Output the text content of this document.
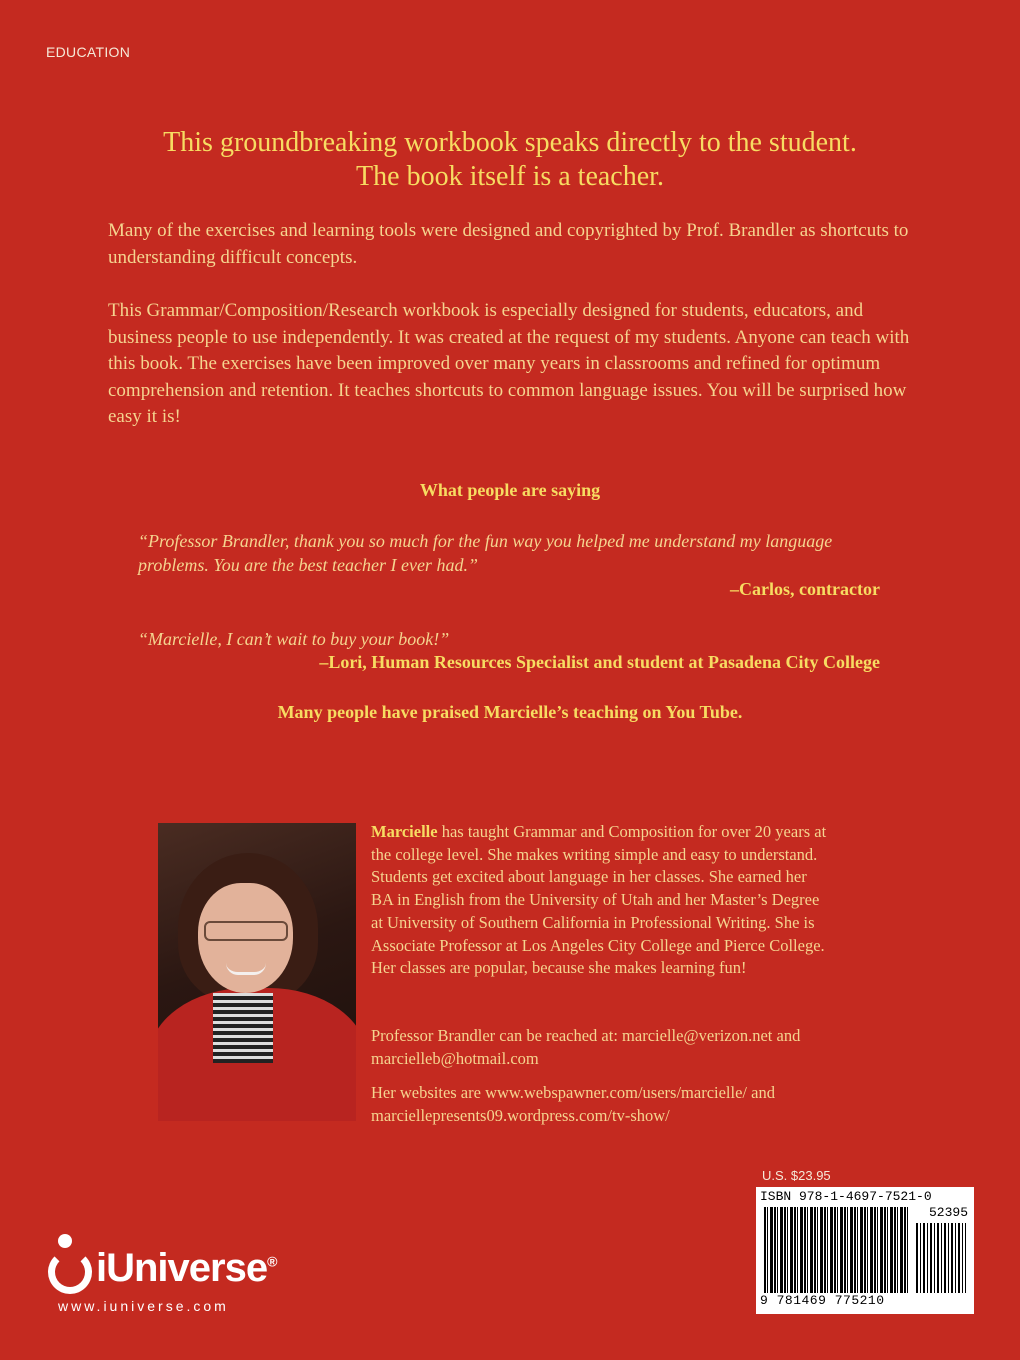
EDUCATION
This groundbreaking workbook speaks directly to the student.
The book itself is a teacher.

Many of the exercises and learning tools were designed and copyrighted by Prof. Brandler as shortcuts to understanding difficult concepts.

This Grammar/Composition/Research workbook is especially designed for students, educators, and business people to use independently. It was created at the request of my students. Anyone can teach with this book. The exercises have been improved over many years in classrooms and refined for optimum comprehension and retention. It teaches shortcuts to common language issues. You will be surprised how easy it is!

What people are saying

“Professor Brandler, thank you so much for the fun way you helped me understand my language problems. You are the best teacher I ever had.”

–Carlos, contractor

“Marcielle, I can’t wait to buy your book!”

–Lori, Human Resources Specialist and student at Pasadena City College
Many people have praised Marcielle’s teaching on You Tube.

Marcielle has taught Grammar and Composition for over 20 years at the college level. She makes writing simple and easy to understand. Students get excited about language in her classes. She earned her BA in English from the University of Utah and her Master’s Degree at University of Southern California in Professional Writing. She is Associate Professor at Los Angeles City College and Pierce College. Her classes are popular, because she makes learning fun!

Professor Brandler can be reached at: marcielle@verizon.net and marcielleb@hotmail.com

Her websites are www.webspawner.com/users/marcielle/ and marciellepresents09.wordpress.com/tv-show/

iUniverse®
www.iuniverse.com
U.S. $23.95
ISBN 978-1-4697-7521-0
52395
9 781469 775210
